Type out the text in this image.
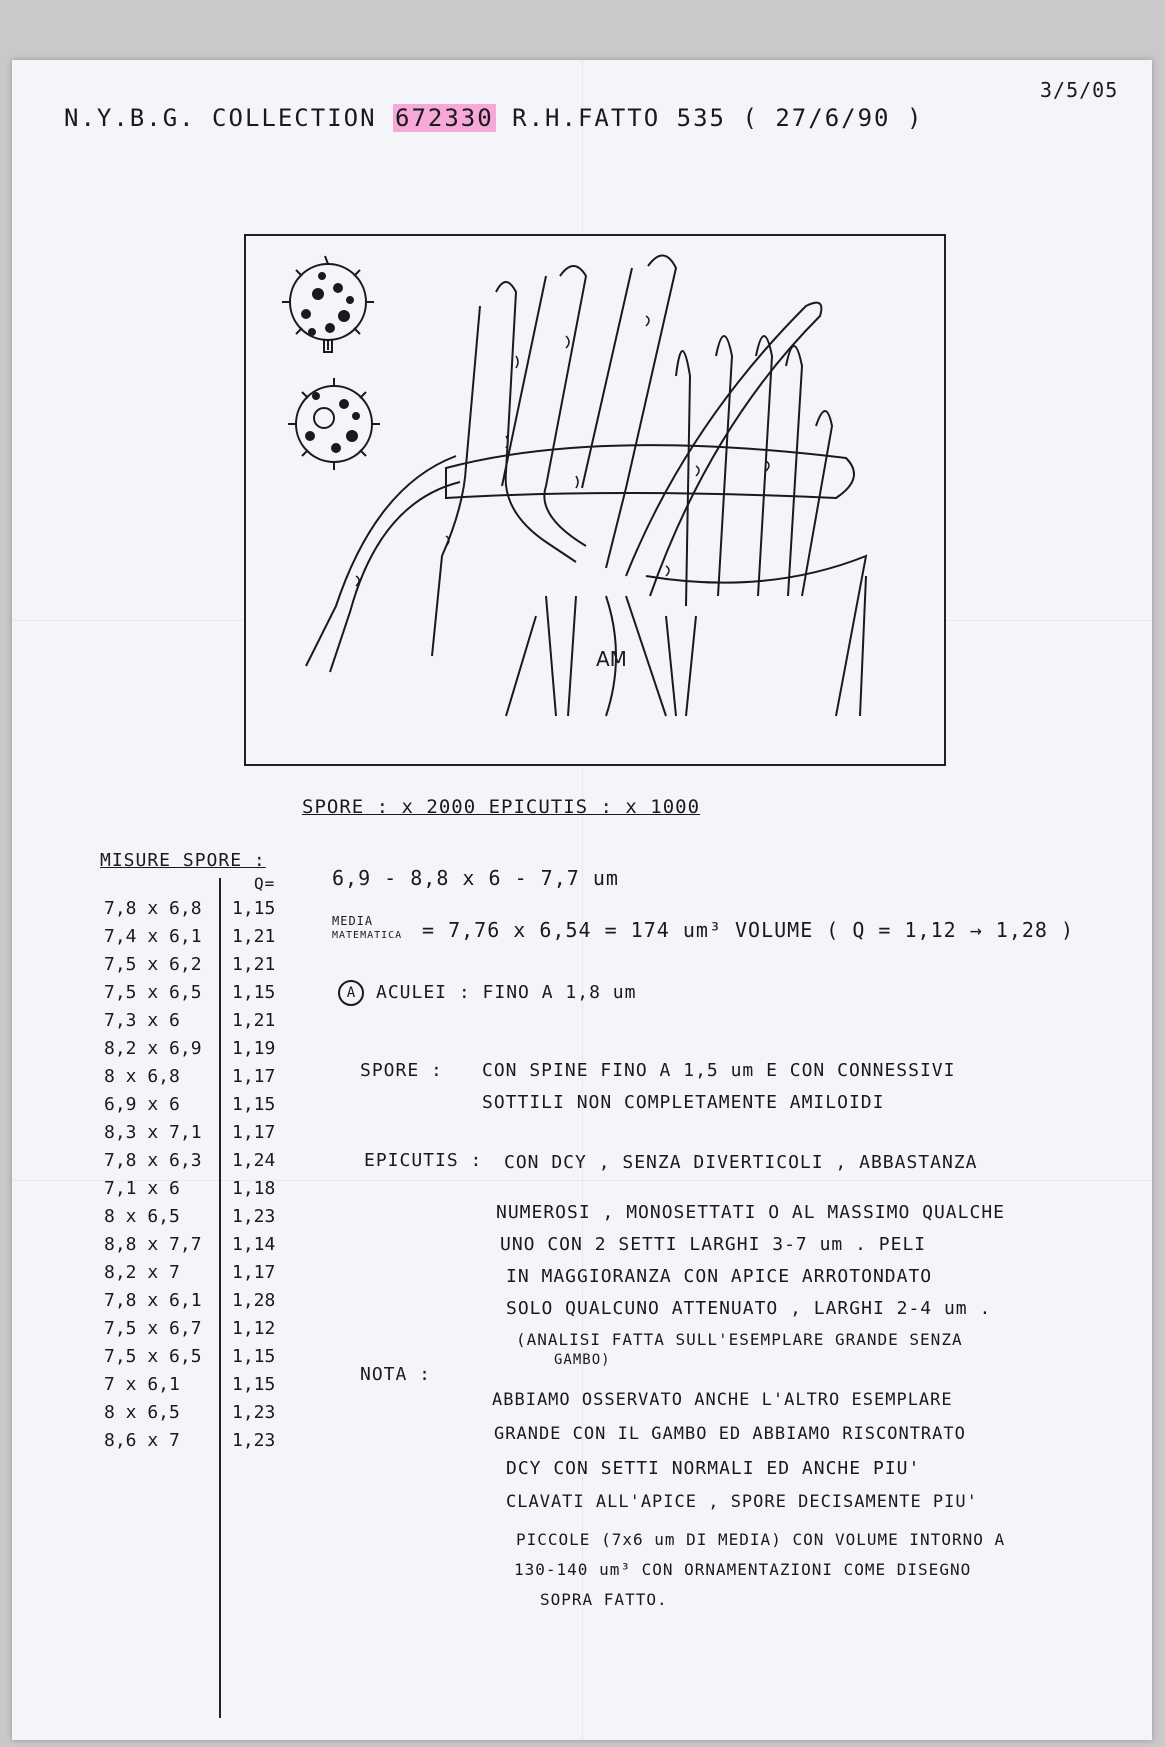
N.Y.B.G. COLLECTION 672330 R.H.FATTO 535 ( 27/6/90 )
3/5/05
AM
SPORE : x 2000 EPICUTIS : x 1000
MISURE SPORE :
Q=
7,8 x 6,8 1,15
7,4 x 6,1 1,21
7,5 x 6,2 1,21
7,5 x 6,5 1,15
7,3 x 6	1,21
8,2 x 6,9 1,19
8 x 6,8	1,17
6,9 x 6	1,15
8,3 x 7,1 1,17
7,8 x 6,3 1,24
7,1 x 6	1,18
8 x 6,5	1,23
8,8 x 7,7 1,14
8,2 x 7	1,17
7,8 x 6,1 1,28
7,5 x 6,7 1,12
7,5 x 6,5 1,15
7 x 6,1	1,15
8 x 6,5	1,23
8,6 x 7	1,23
6,9 - 8,8 x 6 - 7,7 um
MEDIA
MATEMATICA = 7,76 x 6,54 = 174 um³ VOLUME ( Q = 1,12 → 1,28 )
A	ACULEI : FINO A 1,8 um
SPORE : CON SPINE FINO A 1,5 um E CON CONNESSIVI
SOTTILI NON COMPLETAMENTE AMILOIDI
EPICUTIS : CON DCY , SENZA DIVERTICOLI , ABBASTANZA
NUMEROSI , MONOSETTATI O AL MASSIMO QUALCHE
UNO CON 2 SETTI LARGHI 3-7 um . PELI
IN MAGGIORANZA CON APICE ARROTONDATO
SOLO QUALCUNO ATTENUATO , LARGHI 2-4 um .
(ANALISI FATTA SULL'ESEMPLARE GRANDE SENZA
GAMBO)
NOTA :
ABBIAMO OSSERVATO ANCHE L'ALTRO ESEMPLARE
GRANDE CON IL GAMBO ED ABBIAMO RISCONTRATO
DCY CON SETTI NORMALI ED ANCHE PIU'
CLAVATI ALL'APICE , SPORE DECISAMENTE PIU'
PICCOLE (7x6 um DI MEDIA) CON VOLUME INTORNO A
130-140 um³ CON ORNAMENTAZIONI COME DISEGNO
SOPRA FATTO.
